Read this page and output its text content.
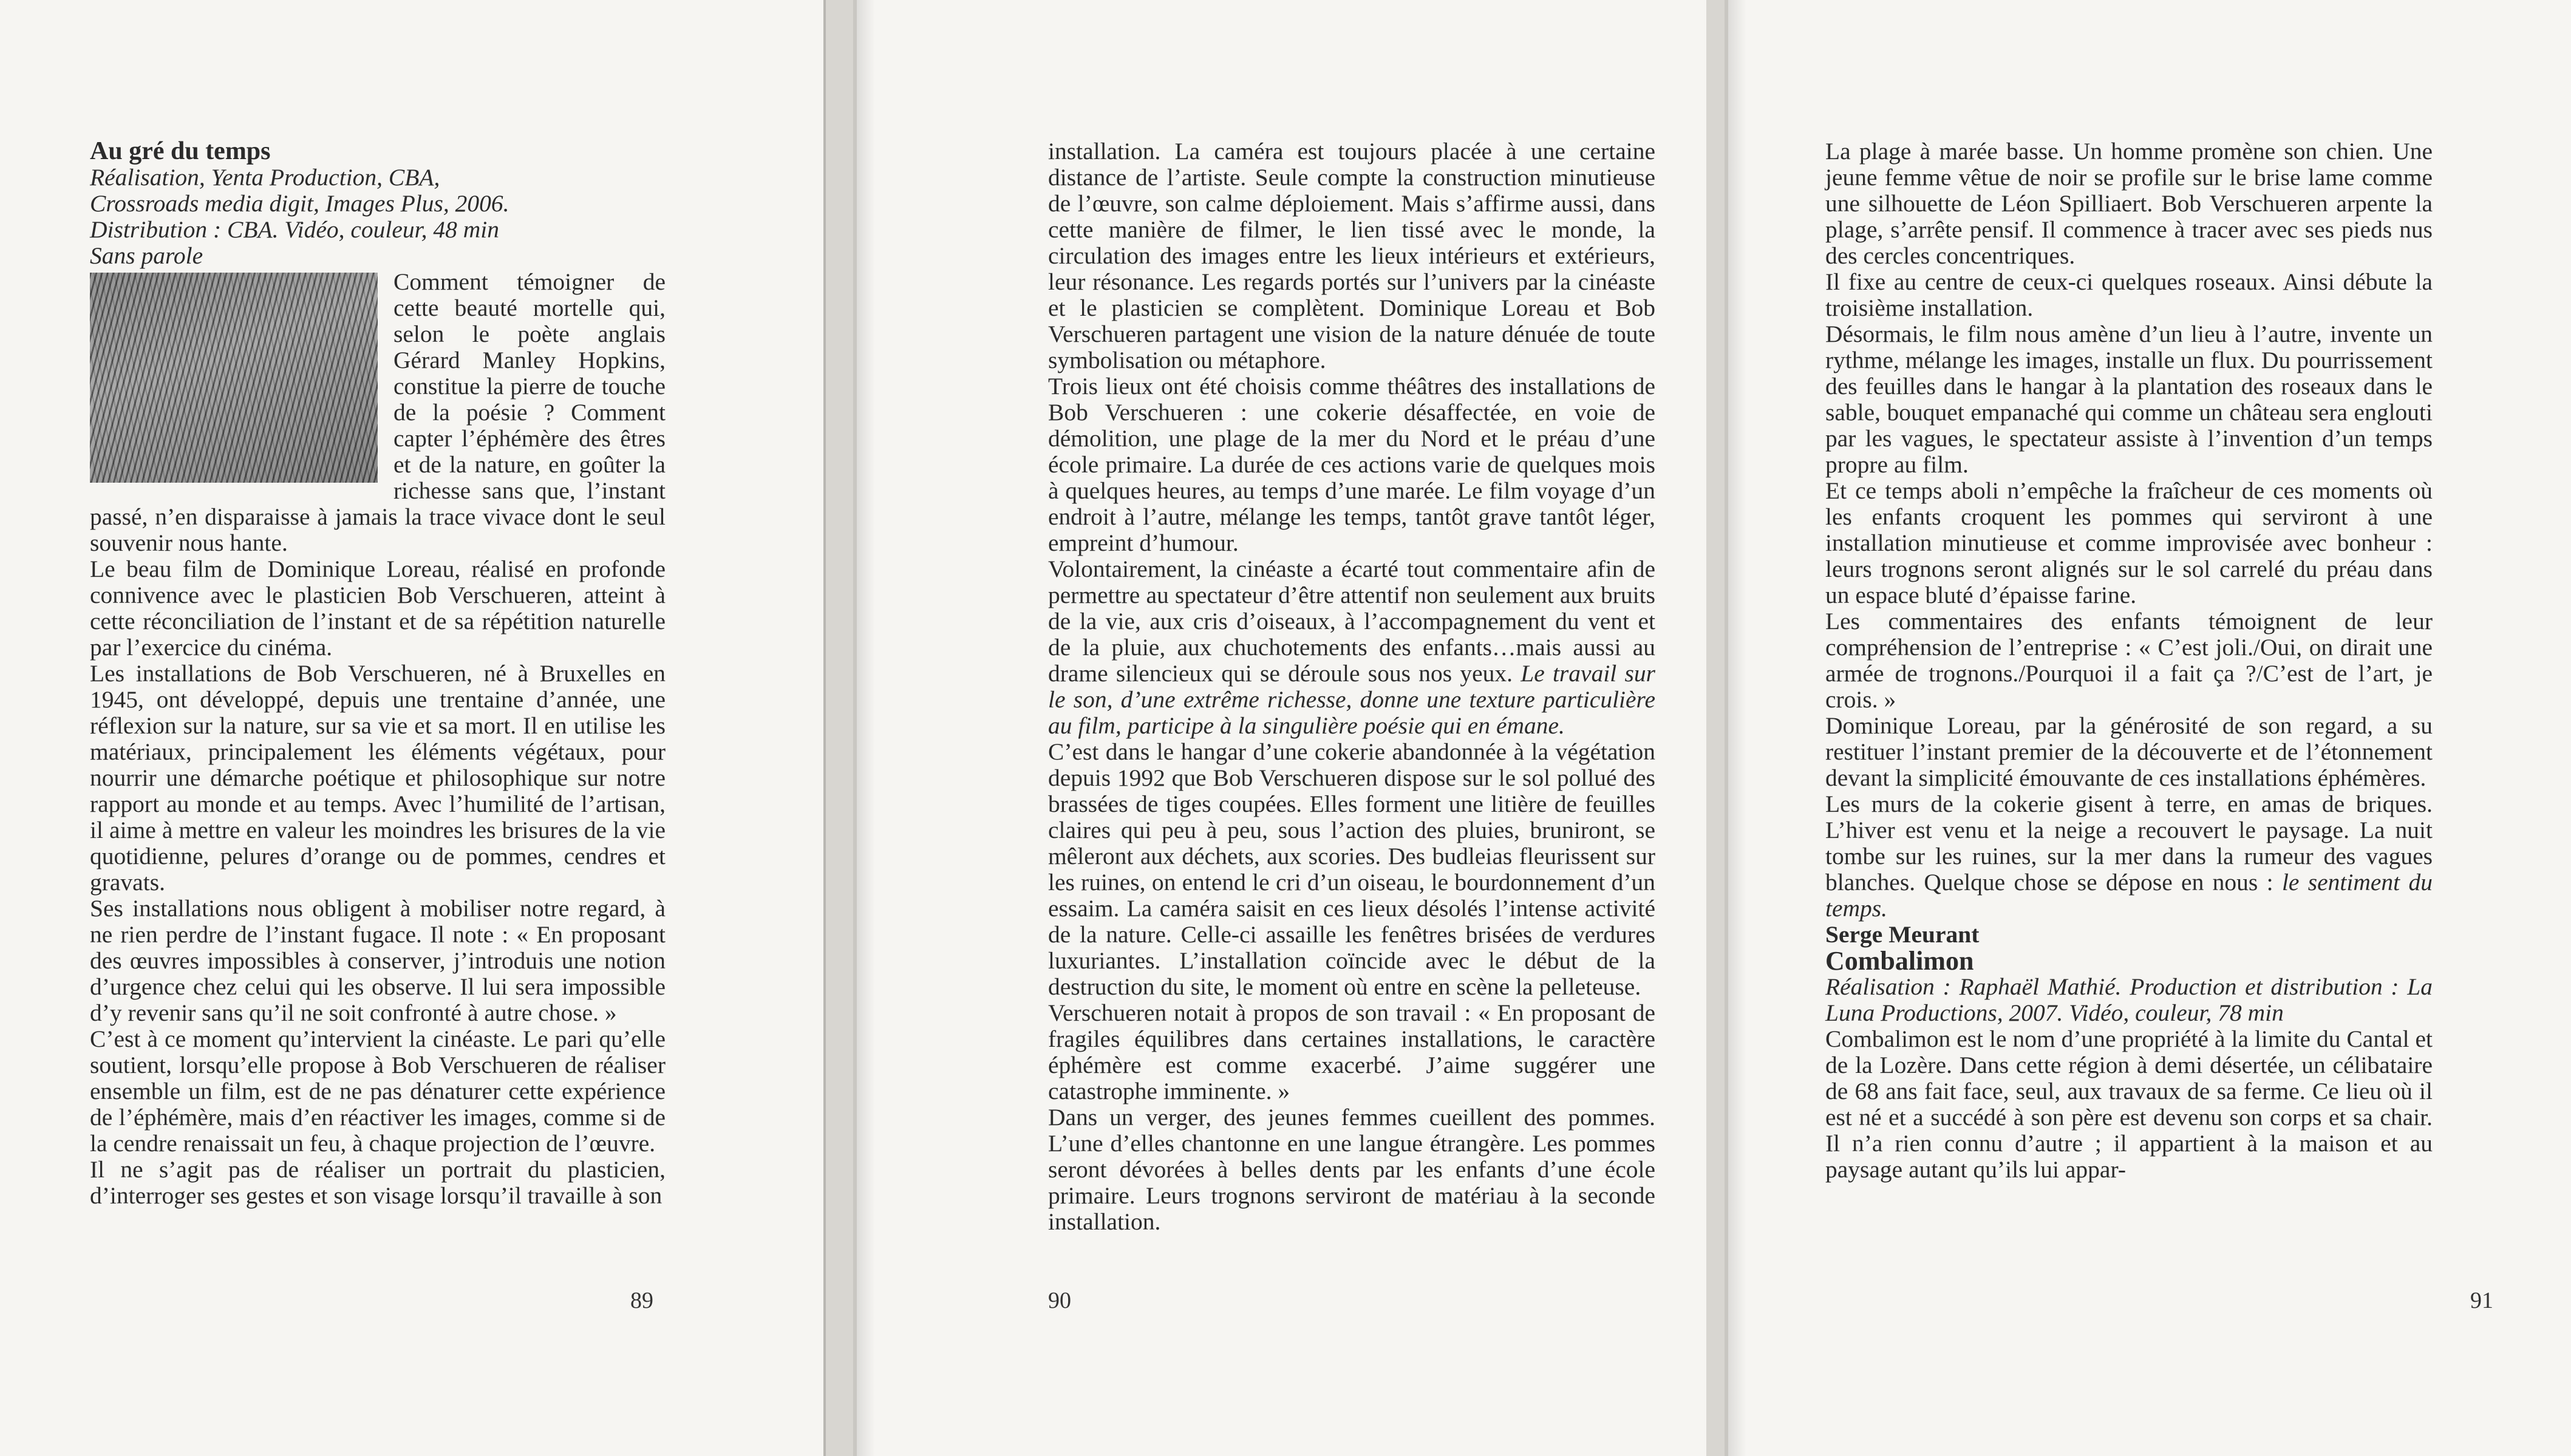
Au gré du temps

Réalisation, Yenta Production, CBA,
Crossroads media digit, Images Plus, 2006.
Distribution : CBA. Vidéo, couleur, 48 min
Sans parole

Comment témoigner de cette beauté mortelle qui, selon le poète anglais Gérard Manley Hopkins, constitue la pierre de touche de la poésie ? Comment capter l’éphémère des êtres et de la nature, en goûter la richesse sans que, l’instant passé, n’en disparaisse à jamais la trace vivace dont le seul souvenir nous hante.

Le beau film de Dominique Loreau, réalisé en profonde connivence avec le plasticien Bob Verschueren, atteint à cette réconciliation de l’instant et de sa répétition naturelle par l’exercice du cinéma.

Les installations de Bob Verschueren, né à Bruxelles en 1945, ont développé, depuis une trentaine d’année, une réflexion sur la nature, sur sa vie et sa mort. Il en utilise les matériaux, principalement les éléments végétaux, pour nourrir une démarche poétique et philosophique sur notre rapport au monde et au temps. Avec l’humilité de l’artisan, il aime à mettre en valeur les moindres les brisures de la vie quotidienne, pelures d’orange ou de pommes, cendres et gravats.

Ses installations nous obligent à mobiliser notre regard, à ne rien perdre de l’instant fugace. Il note : « En proposant des œuvres impossibles à conserver, j’introduis une notion d’urgence chez celui qui les observe. Il lui sera impossible d’y revenir sans qu’il ne soit confronté à autre chose. »

C’est à ce moment qu’intervient la cinéaste. Le pari qu’elle soutient, lorsqu’elle propose à Bob Verschueren de réaliser ensemble un film, est de ne pas dénaturer cette expérience de l’éphémère, mais d’en réactiver les images, comme si de la cendre renaissait un feu, à chaque projection de l’œuvre.

Il ne s’agit pas de réaliser un portrait du plasticien, d’interroger ses gestes et son visage lorsqu’il travaille à son

89

installation. La caméra est toujours placée à une certaine distance de l’artiste. Seule compte la construction minutieuse de l’œuvre, son calme déploiement. Mais s’affirme aussi, dans cette manière de filmer, le lien tissé avec le monde, la circulation des images entre les lieux intérieurs et extérieurs, leur résonance. Les regards portés sur l’univers par la cinéaste et le plasticien se complètent. Dominique Loreau et Bob Verschueren partagent une vision de la nature dénuée de toute symbolisation ou métaphore.

Trois lieux ont été choisis comme théâtres des installations de Bob Verschueren : une cokerie désaffectée, en voie de démolition, une plage de la mer du Nord et le préau d’une école primaire. La durée de ces actions varie de quelques mois à quelques heures, au temps d’une marée. Le film voyage d’un endroit à l’autre, mélange les temps, tantôt grave tantôt léger, empreint d’humour.

Volontairement, la cinéaste a écarté tout commentaire afin de permettre au spectateur d’être attentif non seulement aux bruits de la vie, aux cris d’oiseaux, à l’accompagnement du vent et de la pluie, aux chuchotements des enfants…mais aussi au drame silencieux qui se déroule sous nos yeux. Le travail sur le son, d’une extrême richesse, donne une texture particulière au film, participe à la singulière poésie qui en émane.

C’est dans le hangar d’une cokerie abandonnée à la végétation depuis 1992 que Bob Verschueren dispose sur le sol pollué des brassées de tiges coupées. Elles forment une litière de feuilles claires qui peu à peu, sous l’action des pluies, bruniront, se mêleront aux déchets, aux scories. Des budleias fleurissent sur les ruines, on entend le cri d’un oiseau, le bourdonnement d’un essaim. La caméra saisit en ces lieux désolés l’intense activité de la nature. Celle-ci assaille les fenêtres brisées de verdures luxuriantes. L’installation coïncide avec le début de la destruction du site, le moment où entre en scène la pelleteuse.

Verschueren notait à propos de son travail : « En proposant de fragiles équilibres dans certaines installations, le caractère éphémère est comme exacerbé. J’aime suggérer une catastrophe imminente. »

Dans un verger, des jeunes femmes cueillent des pommes. L’une d’elles chantonne en une langue étrangère. Les pommes seront dévorées à belles dents par les enfants d’une école primaire. Leurs trognons serviront de matériau à la seconde installation.

90

La plage à marée basse. Un homme promène son chien. Une jeune femme vêtue de noir se profile sur le brise lame comme une silhouette de Léon Spilliaert. Bob Verschueren arpente la plage, s’arrête pensif. Il commence à tracer avec ses pieds nus des cercles concentriques.

Il fixe au centre de ceux-ci quelques roseaux. Ainsi débute la troisième installation.

Désormais, le film nous amène d’un lieu à l’autre, invente un rythme, mélange les images, installe un flux. Du pourrissement des feuilles dans le hangar à la plantation des roseaux dans le sable, bouquet empanaché qui comme un château sera englouti par les vagues, le spectateur assiste à l’invention d’un temps propre au film.

Et ce temps aboli n’empêche la fraîcheur de ces moments où les enfants croquent les pommes qui serviront à une installation minutieuse et comme improvisée avec bonheur : leurs trognons seront alignés sur le sol carrelé du préau dans un espace bluté d’épaisse farine.

Les commentaires des enfants témoignent de leur compréhension de l’entreprise : « C’est joli./Oui, on dirait une armée de trognons./Pourquoi il a fait ça ?/C’est de l’art, je crois. »

Dominique Loreau, par la générosité de son regard, a su restituer l’instant premier de la découverte et de l’étonnement devant la simplicité émouvante de ces installations éphémères.

Les murs de la cokerie gisent à terre, en amas de briques. L’hiver est venu et la neige a recouvert le paysage. La nuit tombe sur les ruines, sur la mer dans la rumeur des vagues blanches. Quelque chose se dépose en nous : le sentiment du temps.

Serge Meurant

Combalimon

Réalisation : Raphaël Mathié. Production et distribution : La Luna Productions, 2007. Vidéo, couleur, 78 min

Combalimon est le nom d’une propriété à la limite du Cantal et de la Lozère. Dans cette région à demi désertée, un célibataire de 68 ans fait face, seul, aux travaux de sa ferme. Ce lieu où il est né et a succédé à son père est devenu son corps et sa chair. Il n’a rien connu d’autre ; il appartient à la maison et au paysage autant qu’ils lui appar-

91
